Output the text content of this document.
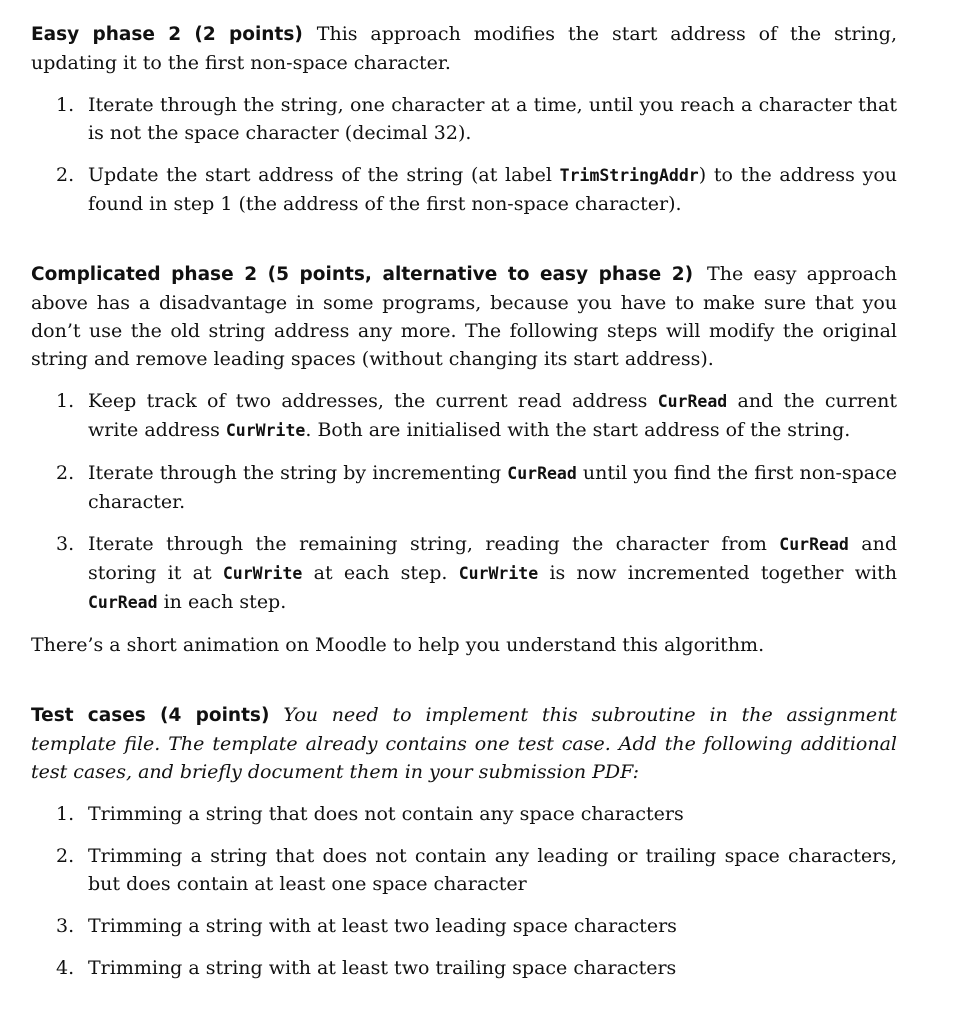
Easy phase 2 (2 points) This approach modifies the start address of the string, updating it to the first non-space character.

1. Iterate through the string, one character at a time, until you reach a character that is not the space character (decimal 32).
2. Update the start address of the string (at label TrimStringAddr) to the address you found in step 1 (the address of the first non-space character).

Complicated phase 2 (5 points, alternative to easy phase 2) The easy approach above has a disadvantage in some programs, because you have to make sure that you don’t use the old string address any more. The following steps will modify the original string and remove leading spaces (without changing its start address).

1. Keep track of two addresses, the current read address CurRead and the current write address CurWrite. Both are initialised with the start address of the string.
2. Iterate through the string by incrementing CurRead until you find the first non-space character.
3. Iterate through the remaining string, reading the character from CurRead and storing it at CurWrite at each step. CurWrite is now incremented together with CurRead in each step.

There’s a short animation on Moodle to help you understand this algorithm.

Test cases (4 points) You need to implement this subroutine in the assignment template file. The template already contains one test case. Add the following additional test cases, and briefly document them in your submission PDF:

1. Trimming a string that does not contain any space characters
2. Trimming a string that does not contain any leading or trailing space characters, but does contain at least one space character
3. Trimming a string with at least two leading space characters
4. Trimming a string with at least two trailing space characters
